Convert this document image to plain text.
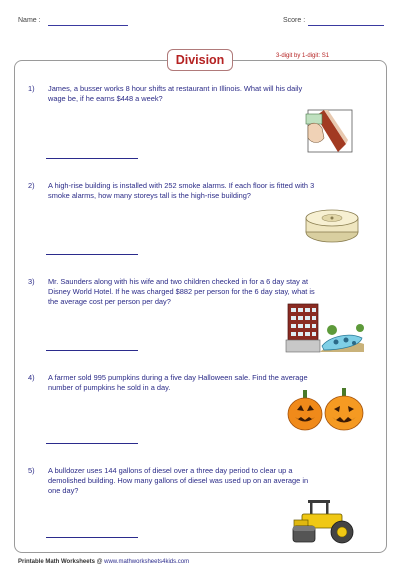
Name :	Score :
Division	3-digit by 1-digit: S1
1) James, a busser works 8 hour shifts at restaurant in Illinois. What will his daily wage be, if he earns $448 a week?
2) A high-rise building is installed with 252 smoke alarms. If each floor is fitted with 3 smoke alarms, how many storeys tall is the high-rise building?
3) Mr. Saunders along with his wife and two children checked in for a 6 day stay at Disney World Hotel. If he was charged $882 per person for the 6 day stay, what is the average cost per person per day?
4) A farmer sold 995 pumpkins during a five day Halloween sale. Find the average number of pumpkins he sold in a day.
5) A bulldozer uses 144 gallons of diesel over a three day period to clear up a demolished building. How many gallons of diesel was used up on an average in one day?
Printable Math Worksheets @ www.mathworksheets4kids.com
